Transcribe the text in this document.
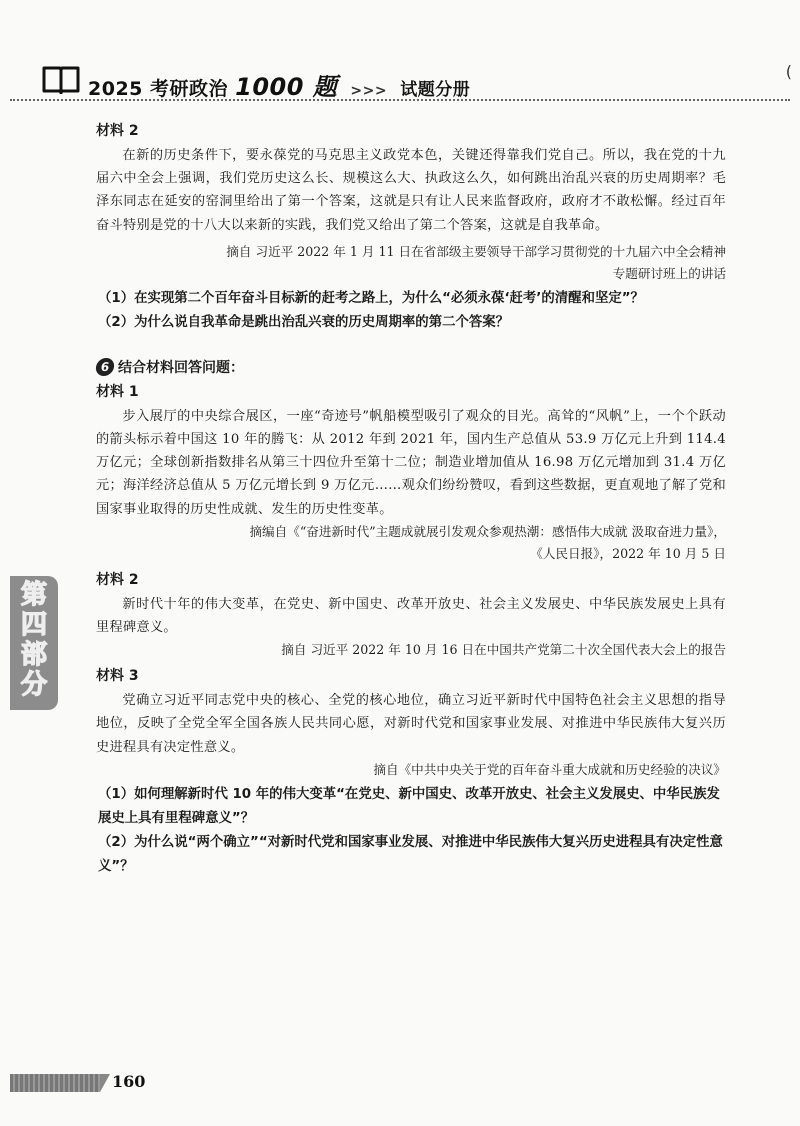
2025 考研政治 1000 题 >>> 试题分册
(
材料 2

在新的历史条件下，要永葆党的马克思主义政党本色，关键还得靠我们党自己。所以，我在党的十九届六中全会上强调，我们党历史这么长、规模这么大、执政这么久，如何跳出治乱兴衰的历史周期率？毛泽东同志在延安的窑洞里给出了第一个答案，这就是只有让人民来监督政府，政府才不敢松懈。经过百年奋斗特别是党的十八大以来新的实践，我们党又给出了第二个答案，这就是自我革命。

摘自 习近平 2022 年 1 月 11 日在省部级主要领导干部学习贯彻党的十九届六中全会精神

专题研讨班上的讲话

（1）在实现第二个百年奋斗目标新的赶考之路上，为什么“必须永葆‘赶考’的清醒和坚定”？

（2）为什么说自我革命是跳出治乱兴衰的历史周期率的第二个答案？

6 结合材料回答问题：

材料 1

步入展厅的中央综合展区，一座“奇迹号”帆船模型吸引了观众的目光。高耸的“风帆”上，一个个跃动的箭头标示着中国这 10 年的腾飞：从 2012 年到 2021 年，国内生产总值从 53.9 万亿元上升到 114.4 万亿元；全球创新指数排名从第三十四位升至第十二位；制造业增加值从 16.98 万亿元增加到 31.4 万亿元；海洋经济总值从 5 万亿元增长到 9 万亿元……观众们纷纷赞叹，看到这些数据，更直观地了解了党和国家事业取得的历史性成就、发生的历史性变革。

摘编自《“奋进新时代”主题成就展引发观众参观热潮：感悟伟大成就 汲取奋进力量》，

《人民日报》，2022 年 10 月 5 日

材料 2

新时代十年的伟大变革，在党史、新中国史、改革开放史、社会主义发展史、中华民族发展史上具有里程碑意义。

摘自 习近平 2022 年 10 月 16 日在中国共产党第二十次全国代表大会上的报告

材料 3

党确立习近平同志党中央的核心、全党的核心地位，确立习近平新时代中国特色社会主义思想的指导地位，反映了全党全军全国各族人民共同心愿，对新时代党和国家事业发展、对推进中华民族伟大复兴历史进程具有决定性意义。

摘自《中共中央关于党的百年奋斗重大成就和历史经验的决议》

（1）如何理解新时代 10 年的伟大变革“在党史、新中国史、改革开放史、社会主义发展史、中华民族发展史上具有里程碑意义”？

（2）为什么说“两个确立”“对新时代党和国家事业发展、对推进中华民族伟大复兴历史进程具有决定性意义”？

第
四
部
分
160
